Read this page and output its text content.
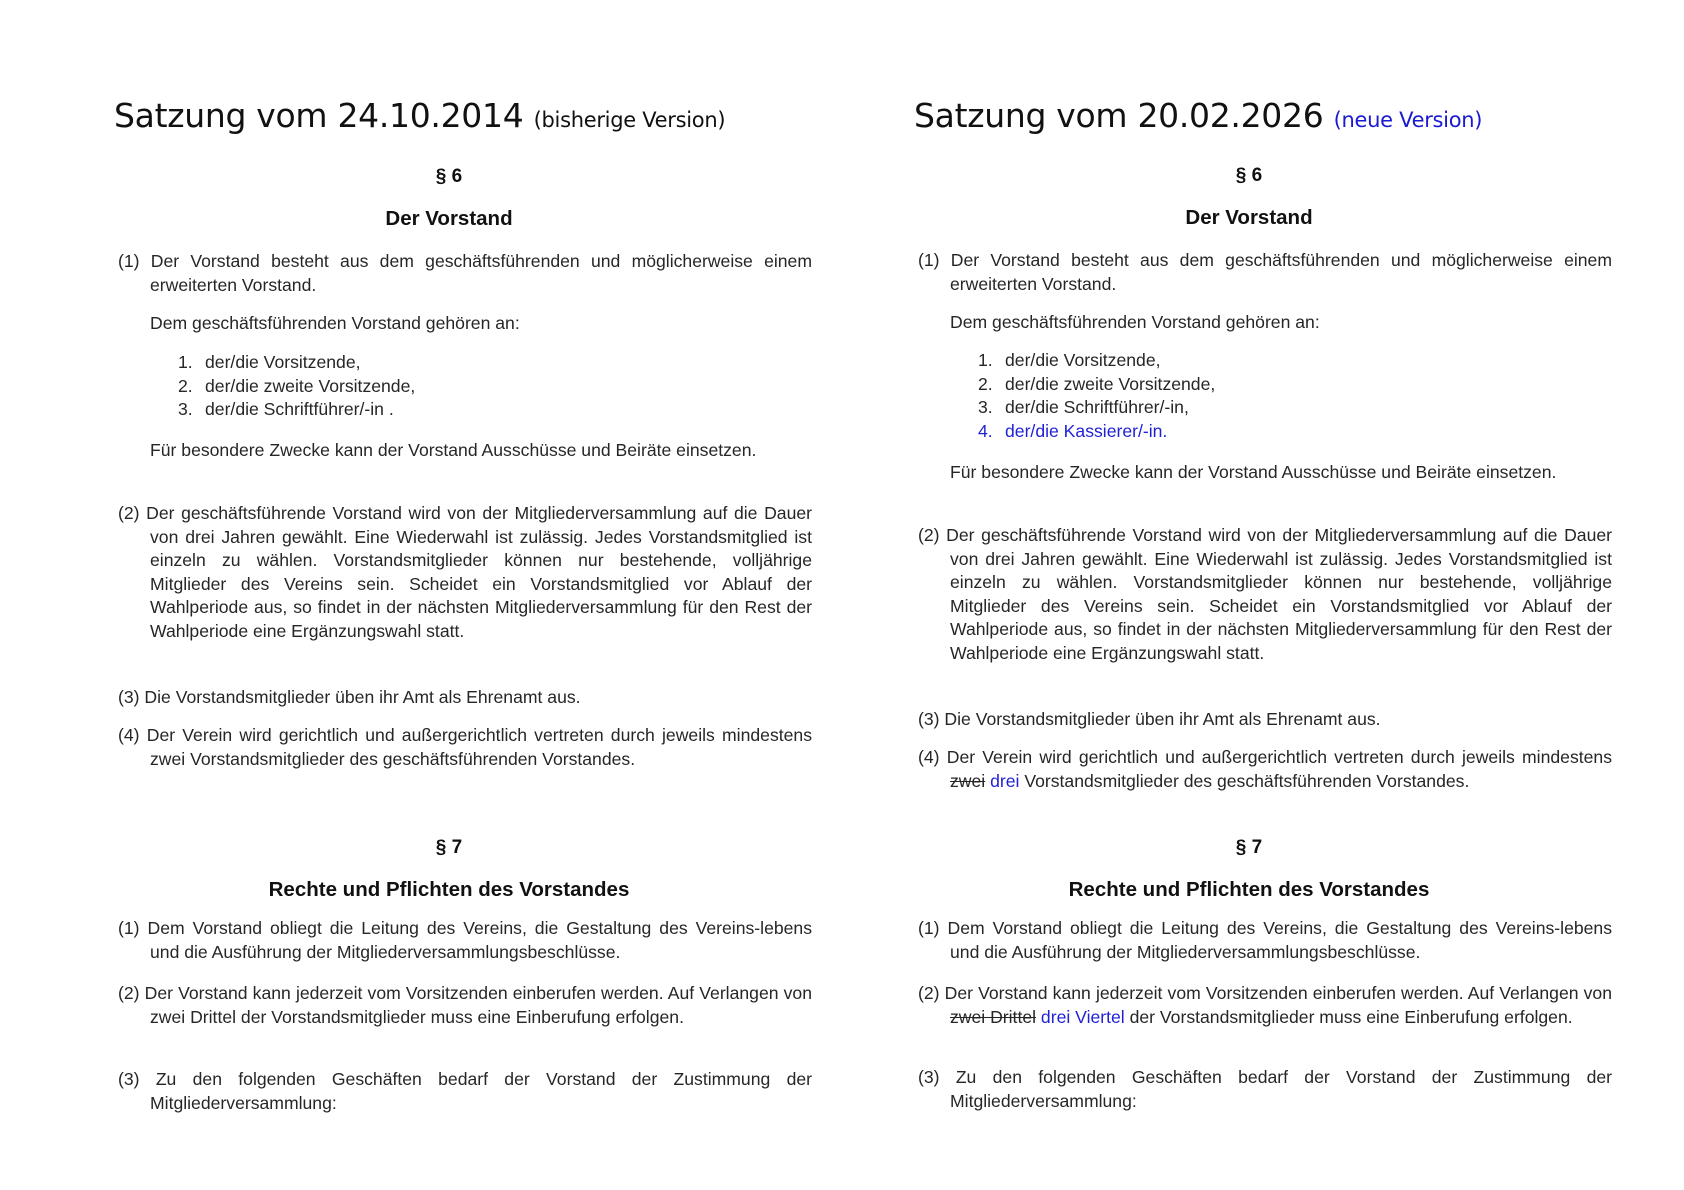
Satzung vom 24.10.2014 (bisherige Version)
§ 6
Der Vorstand
(1) Der Vorstand besteht aus dem geschäftsführenden und möglicherweise einem erweiterten Vorstand.
Dem geschäftsführenden Vorstand gehören an:
1. der/die Vorsitzende,
2. der/die zweite Vorsitzende,
3. der/die Schriftführer/-in .
Für besondere Zwecke kann der Vorstand Ausschüsse und Beiräte einsetzen.
(2) Der geschäftsführende Vorstand wird von der Mitgliederversammlung auf die Dauer von drei Jahren gewählt. Eine Wiederwahl ist zulässig. Jedes Vorstandsmitglied ist einzeln zu wählen. Vorstandsmitglieder können nur bestehende, volljährige Mitglieder des Vereins sein. Scheidet ein Vorstandsmitglied vor Ablauf der Wahlperiode aus, so findet in der nächsten Mitgliederversammlung für den Rest der Wahlperiode eine Ergänzungswahl statt.
(3) Die Vorstandsmitglieder üben ihr Amt als Ehrenamt aus.
(4) Der Verein wird gerichtlich und außergerichtlich vertreten durch jeweils mindestens zwei Vorstandsmitglieder des geschäftsführenden Vorstandes.
§ 7
Rechte und Pflichten des Vorstandes
(1) Dem Vorstand obliegt die Leitung des Vereins, die Gestaltung des Vereins-lebens und die Ausführung der Mitgliederversammlungsbeschlüsse.
(2) Der Vorstand kann jederzeit vom Vorsitzenden einberufen werden. Auf Verlangen von zwei Drittel der Vorstandsmitglieder muss eine Einberufung erfolgen.
(3) Zu den folgenden Geschäften bedarf der Vorstand der Zustimmung der Mitgliederversammlung:
Satzung vom 20.02.2026 (neue Version)
§ 6
Der Vorstand
(1) Der Vorstand besteht aus dem geschäftsführenden und möglicherweise einem erweiterten Vorstand.
Dem geschäftsführenden Vorstand gehören an:
1. der/die Vorsitzende,
2. der/die zweite Vorsitzende,
3. der/die Schriftführer/-in,
4. der/die Kassierer/-in.
Für besondere Zwecke kann der Vorstand Ausschüsse und Beiräte einsetzen.
(2) Der geschäftsführende Vorstand wird von der Mitgliederversammlung auf die Dauer von drei Jahren gewählt. Eine Wiederwahl ist zulässig. Jedes Vorstandsmitglied ist einzeln zu wählen. Vorstandsmitglieder können nur bestehende, volljährige Mitglieder des Vereins sein. Scheidet ein Vorstandsmitglied vor Ablauf der Wahlperiode aus, so findet in der nächsten Mitgliederversammlung für den Rest der Wahlperiode eine Ergänzungswahl statt.
(3) Die Vorstandsmitglieder üben ihr Amt als Ehrenamt aus.
(4) Der Verein wird gerichtlich und außergerichtlich vertreten durch jeweils mindestens zwei drei Vorstandsmitglieder des geschäftsführenden Vorstandes.
§ 7
Rechte und Pflichten des Vorstandes
(1) Dem Vorstand obliegt die Leitung des Vereins, die Gestaltung des Vereins-lebens und die Ausführung der Mitgliederversammlungsbeschlüsse.
(2) Der Vorstand kann jederzeit vom Vorsitzenden einberufen werden. Auf Verlangen von zwei Drittel drei Viertel der Vorstandsmitglieder muss eine Einberufung erfolgen.
(3) Zu den folgenden Geschäften bedarf der Vorstand der Zustimmung der Mitgliederversammlung:
